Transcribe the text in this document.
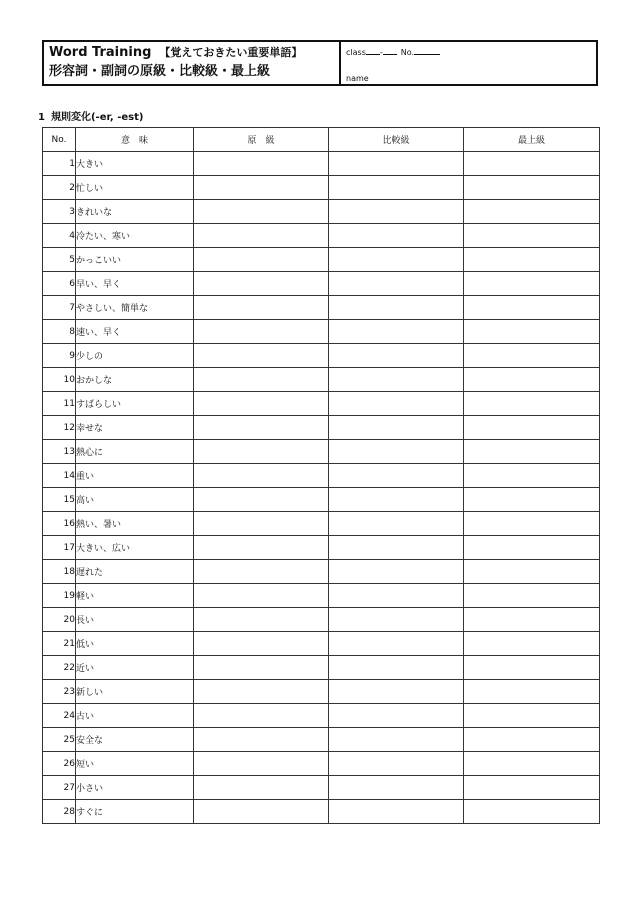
Word Training 【覚えておきたい重要単語】
形容詞・副詞の原級・比較級・最上級
class - No.
name
1 規則変化(-er, -est)
No.	意　味	原　級	比較級	最上級
1	大きい			
2	忙しい			
3	きれいな			
4	冷たい、寒い			
5	かっこいい			
6	早い、早く			
7	やさしい、簡単な			
8	速い、早く			
9	少しの			
10	おかしな			
11	すばらしい			
12	幸せな			
13	熱心に			
14	重い			
15	高い			
16	熱い、暑い			
17	大きい、広い			
18	遅れた			
19	軽い			
20	長い			
21	低い			
22	近い			
23	新しい			
24	古い			
25	安全な			
26	短い			
27	小さい			
28	すぐに			
